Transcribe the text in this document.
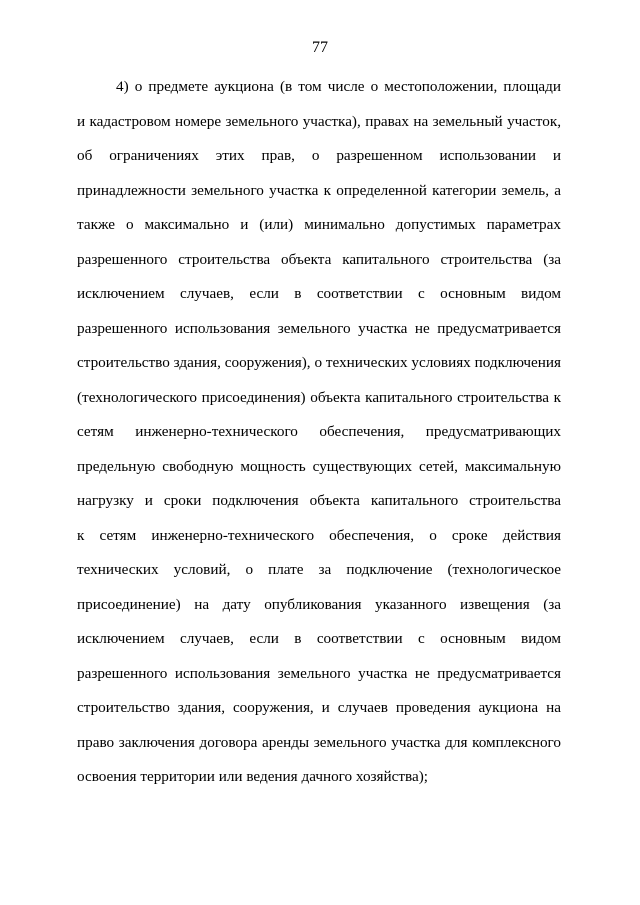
77
4) о предмете аукциона (в том числе о местоположении, площади
и кадастровом номере земельного участка), правах на земельный участок,
об ограничениях этих прав, о разрешенном использовании и
принадлежности земельного участка к определенной категории земель, а
также о максимально и (или) минимально допустимых параметрах
разрешенного строительства объекта капитального строительства (за
исключением случаев, если в соответствии с основным видом
разрешенного использования земельного участка не предусматривается
строительство здания, сооружения), о технических условиях подключения
(технологического присоединения) объекта капитального строительства к
сетям инженерно-технического обеспечения, предусматривающих
предельную свободную мощность существующих сетей, максимальную
нагрузку и сроки подключения объекта капитального строительства
к сетям инженерно-технического обеспечения, о сроке действия
технических условий, о плате за подключение (технологическое
присоединение) на дату опубликования указанного извещения (за
исключением случаев, если в соответствии с основным видом
разрешенного использования земельного участка не предусматривается
строительство здания, сооружения, и случаев проведения аукциона на
право заключения договора аренды земельного участка для комплексного
освоения территории или ведения дачного хозяйства);
